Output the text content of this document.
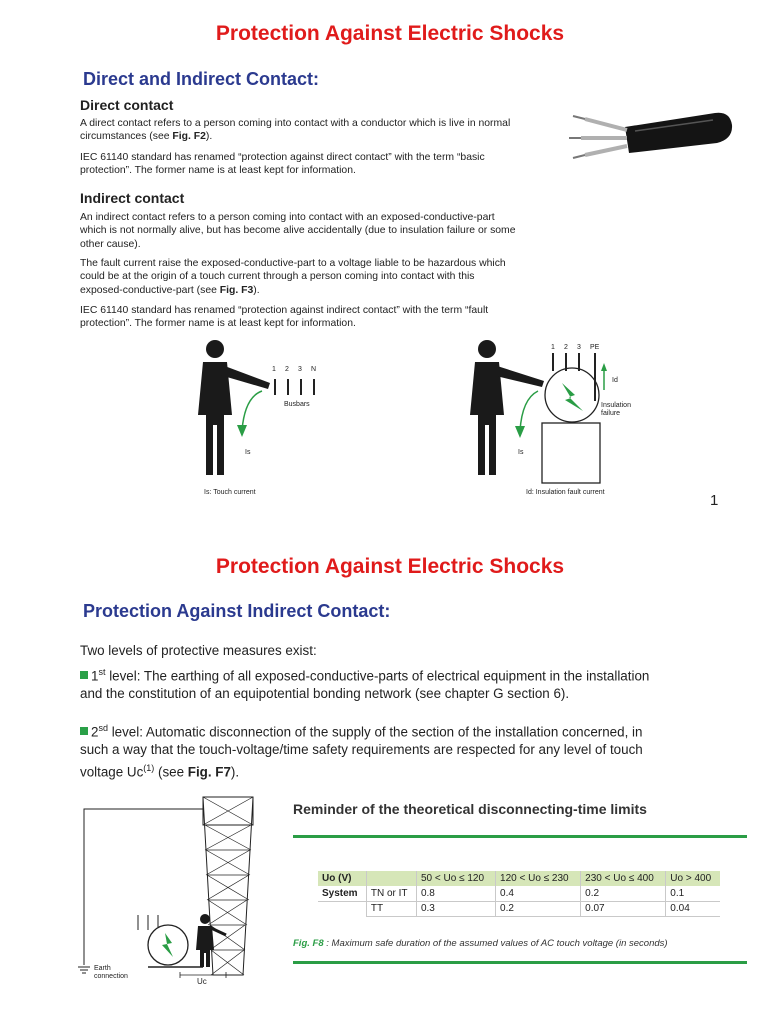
Protection Against Electric Shocks
Direct and Indirect Contact:
Direct contact
A direct contact refers to a person coming into contact with a conductor which is live in normal circumstances (see Fig. F2).
IEC 61140 standard has renamed “protection against direct contact” with the term “basic protection”. The former name is at least kept for information.
Indirect contact
An indirect contact refers to a person coming into contact with an exposed-conductive-part which is not normally alive, but has become alive accidentally (due to insulation failure or some other cause).
The fault current raise the exposed-conductive-part to a voltage liable to be hazardous which could be at the origin of a touch current through a person coming into contact with this exposed-conductive-part (see Fig. F3).
IEC 61140 standard has renamed “protection against indirect contact” with the term “fault protection”. The former name is at least kept for information.
1 2 3 N
Busbars
Is
Is: Touch current
1 2 3 PE
Id
Insulation failure
Is
Id: Insulation fault current	1
Protection Against Electric Shocks
Protection Against Indirect Contact:
Two levels of protective measures exist:
1st level: The earthing of all exposed-conductive-parts of electrical equipment in the installation and the constitution of an equipotential bonding network (see chapter G section 6).
$2^{sd}$ level: Automatic disconnection of the supply of the section of the installation concerned, in such a way that the touch-voltage/time safety requirements are respected for any level of touch voltage Uc$^{(1)}$ (see Fig. F7).
Earth connection
Uc
Reminder of the theoretical disconnecting-time limits
Uo (V)		50 < Uo ≤ 120	120 < Uo ≤ 230	230 < Uo ≤ 400	Uo > 400
System	TN or IT	0.8	0.4	0.2	0.1
	TT	0.3	0.2	0.07	0.04
Fig. F8 : Maximum safe duration of the assumed values of AC touch voltage (in seconds)
